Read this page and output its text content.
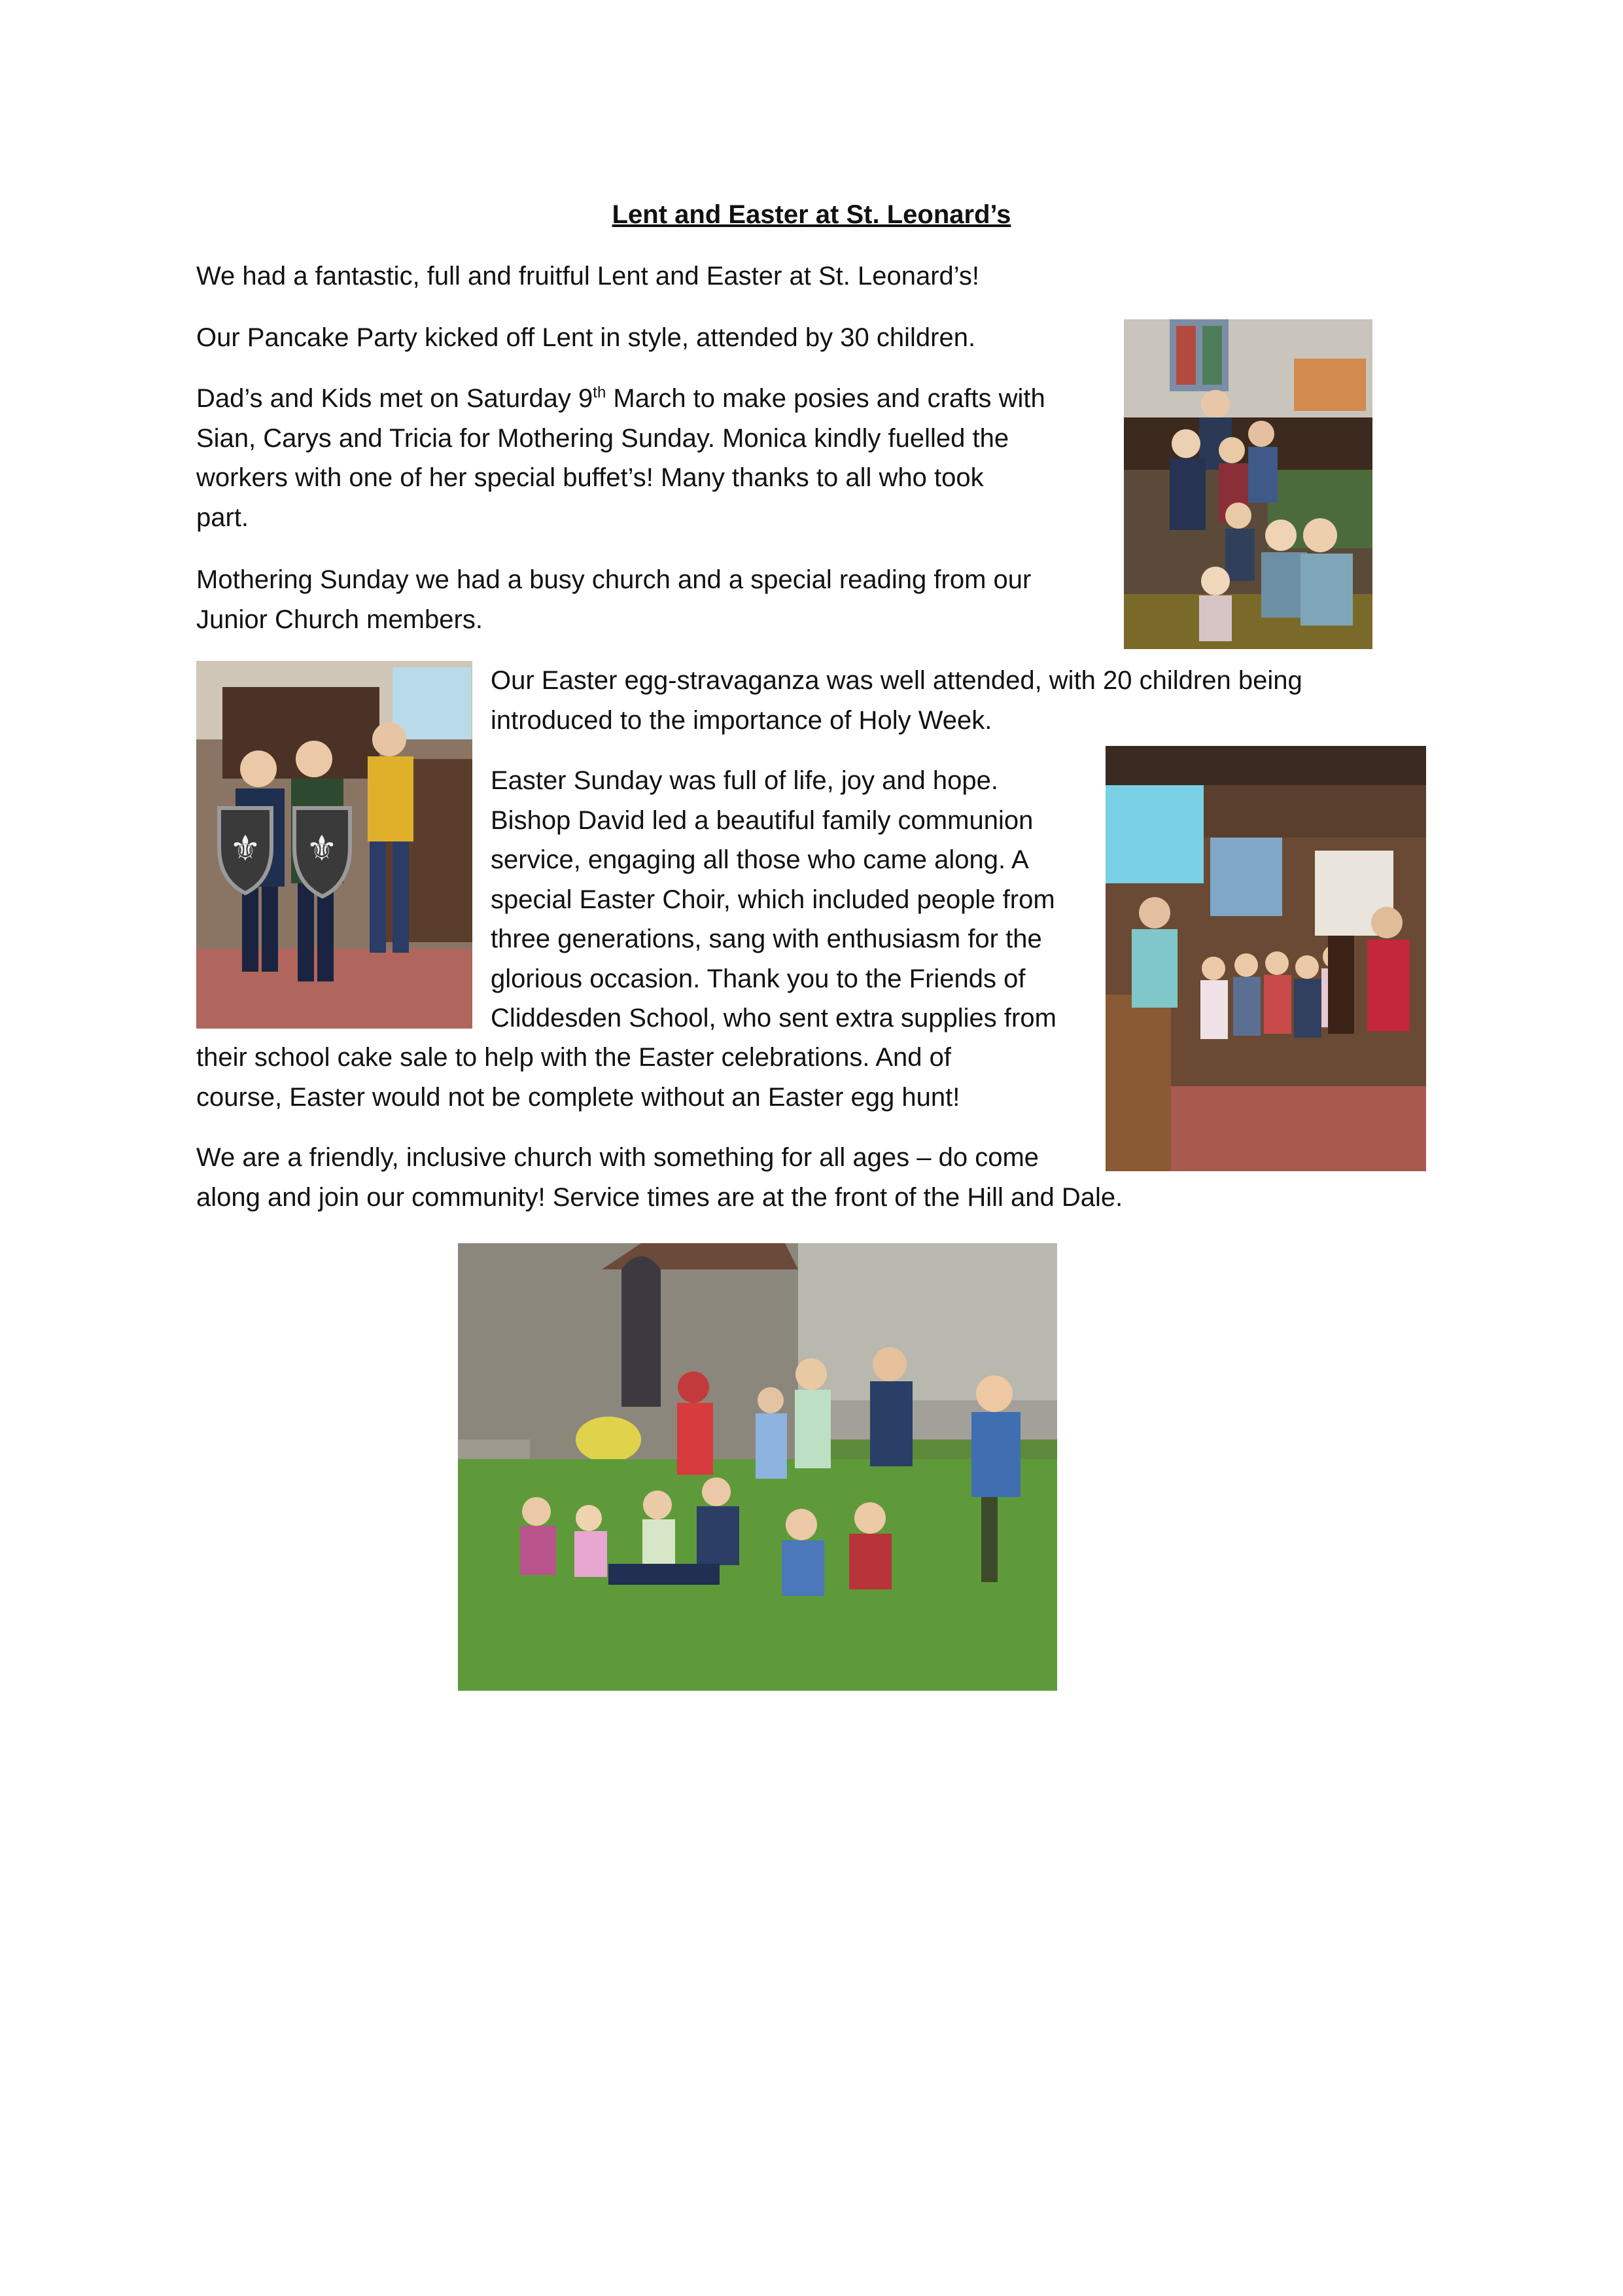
Lent and Easter at St. Leonard’s
We had a fantastic, full and fruitful Lent and Easter at St. Leonard’s!
Our Pancake Party kicked off Lent in style, attended by 30 children.
Dad’s and Kids met on Saturday 9th March to make posies and crafts with
Sian, Carys and Tricia for Mothering Sunday. Monica kindly fuelled the
workers with one of her special buffet’s! Many thanks to all who took
part.
Mothering Sunday we had a busy church and a special reading from our
Junior Church members.
Our Easter egg-stravaganza was well attended, with 20 children being
introduced to the importance of Holy Week.
Easter Sunday was full of life, joy and hope.
Bishop David led a beautiful family communion
service, engaging all those who came along. A
special Easter Choir, which included people from
three generations, sang with enthusiasm for the
glorious occasion. Thank you to the Friends of
Cliddesden School, who sent extra supplies from
their school cake sale to help with the Easter celebrations. And of
course, Easter would not be complete without an Easter egg hunt!
We are a friendly, inclusive church with something for all ages – do come
along and join our community! Service times are at the front of the Hill and Dale.
⚜ ⚜
